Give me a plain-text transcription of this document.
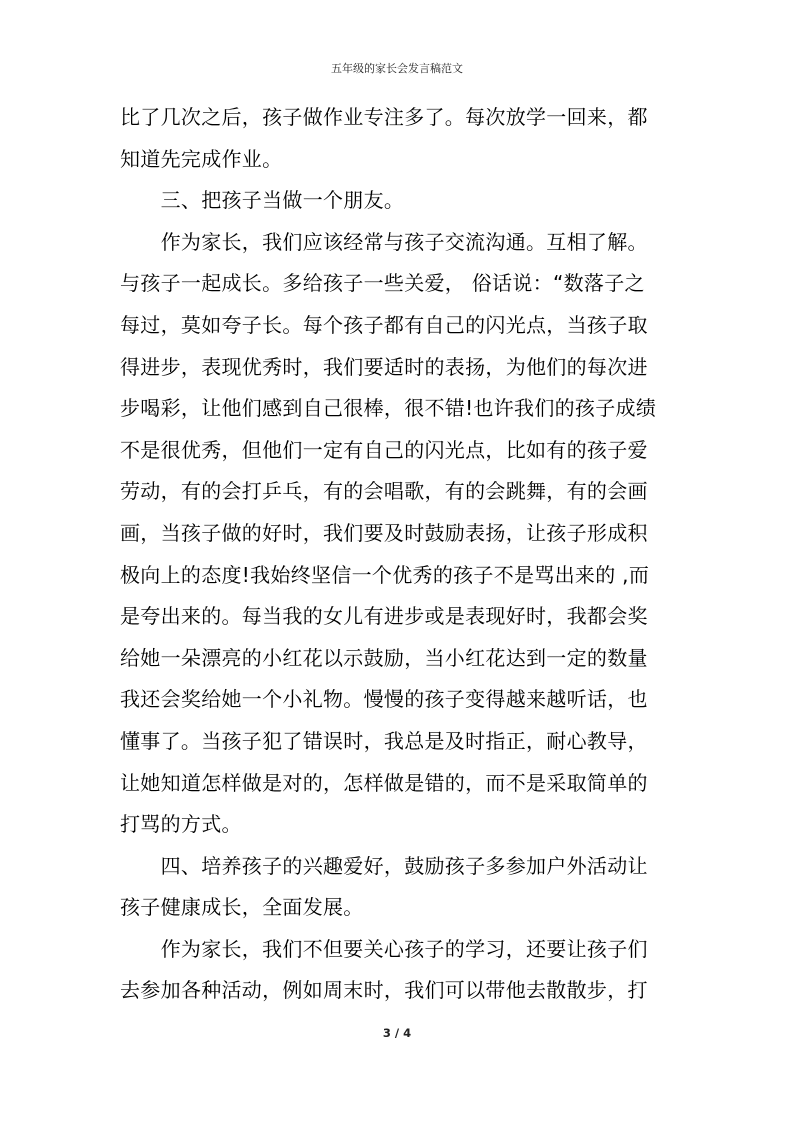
五年级的家长会发言稿范文
比了几次之后，孩子做作业专注多了。每次放学一回来，都
知道先完成作业。
　　三、把孩子当做一个朋友。
　　作为家长，我们应该经常与孩子交流沟通。互相了解。
与孩子一起成长。多给孩子一些关爱， 俗话说：“数落子之
每过，莫如夸子长。每个孩子都有自己的闪光点，当孩子取
得进步，表现优秀时，我们要适时的表扬，为他们的每次进
步喝彩，让他们感到自己很棒，很不错!也许我们的孩子成绩
不是很优秀，但他们一定有自己的闪光点，比如有的孩子爱
劳动，有的会打乒乓，有的会唱歌，有的会跳舞，有的会画
画，当孩子做的好时，我们要及时鼓励表扬，让孩子形成积
极向上的态度!我始终坚信一个优秀的孩子不是骂出来的 ,而
是夸出来的。每当我的女儿有进步或是表现好时，我都会奖
给她一朵漂亮的小红花以示鼓励，当小红花达到一定的数量
我还会奖给她一个小礼物。慢慢的孩子变得越来越听话，也
懂事了。当孩子犯了错误时，我总是及时指正，耐心教导，
让她知道怎样做是对的，怎样做是错的，而不是采取简单的
打骂的方式。
　　四、培养孩子的兴趣爱好，鼓励孩子多参加户外活动让
孩子健康成长，全面发展。
　　作为家长，我们不但要关心孩子的学习，还要让孩子们
去参加各种活动，例如周末时，我们可以带他去散散步，打
3 / 4
